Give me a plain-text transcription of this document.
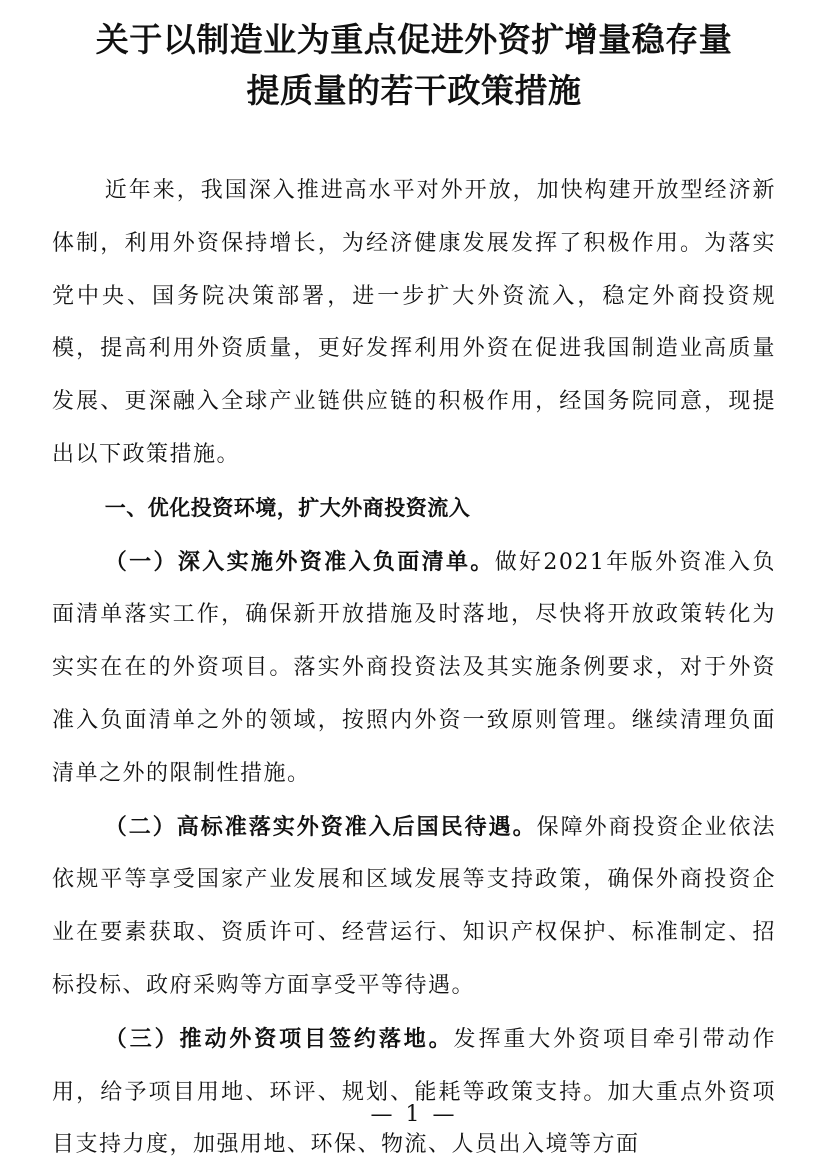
关于以制造业为重点促进外资扩增量稳存量
提质量的若干政策措施

近年来，我国深入推进高水平对外开放，加快构建开放型经济新体制，利用外资保持增长，为经济健康发展发挥了积极作用。为落实党中央、国务院决策部署，进一步扩大外资流入，稳定外商投资规模，提高利用外资质量，更好发挥利用外资在促进我国制造业高质量发展、更深融入全球产业链供应链的积极作用，经国务院同意，现提出以下政策措施。

一、优化投资环境，扩大外商投资流入

（一）深入实施外资准入负面清单。做好2021年版外资准入负面清单落实工作，确保新开放措施及时落地，尽快将开放政策转化为实实在在的外资项目。落实外商投资法及其实施条例要求，对于外资准入负面清单之外的领域，按照内外资一致原则管理。继续清理负面清单之外的限制性措施。

（二）高标准落实外资准入后国民待遇。保障外商投资企业依法依规平等享受国家产业发展和区域发展等支持政策，确保外商投资企业在要素获取、资质许可、经营运行、知识产权保护、标准制定、招标投标、政府采购等方面享受平等待遇。

（三）推动外资项目签约落地。发挥重大外资项目牵引带动作用，给予项目用地、环评、规划、能耗等政策支持。加大重点外资项目支持力度，加强用地、环保、物流、人员出入境等方面

— 1 —
